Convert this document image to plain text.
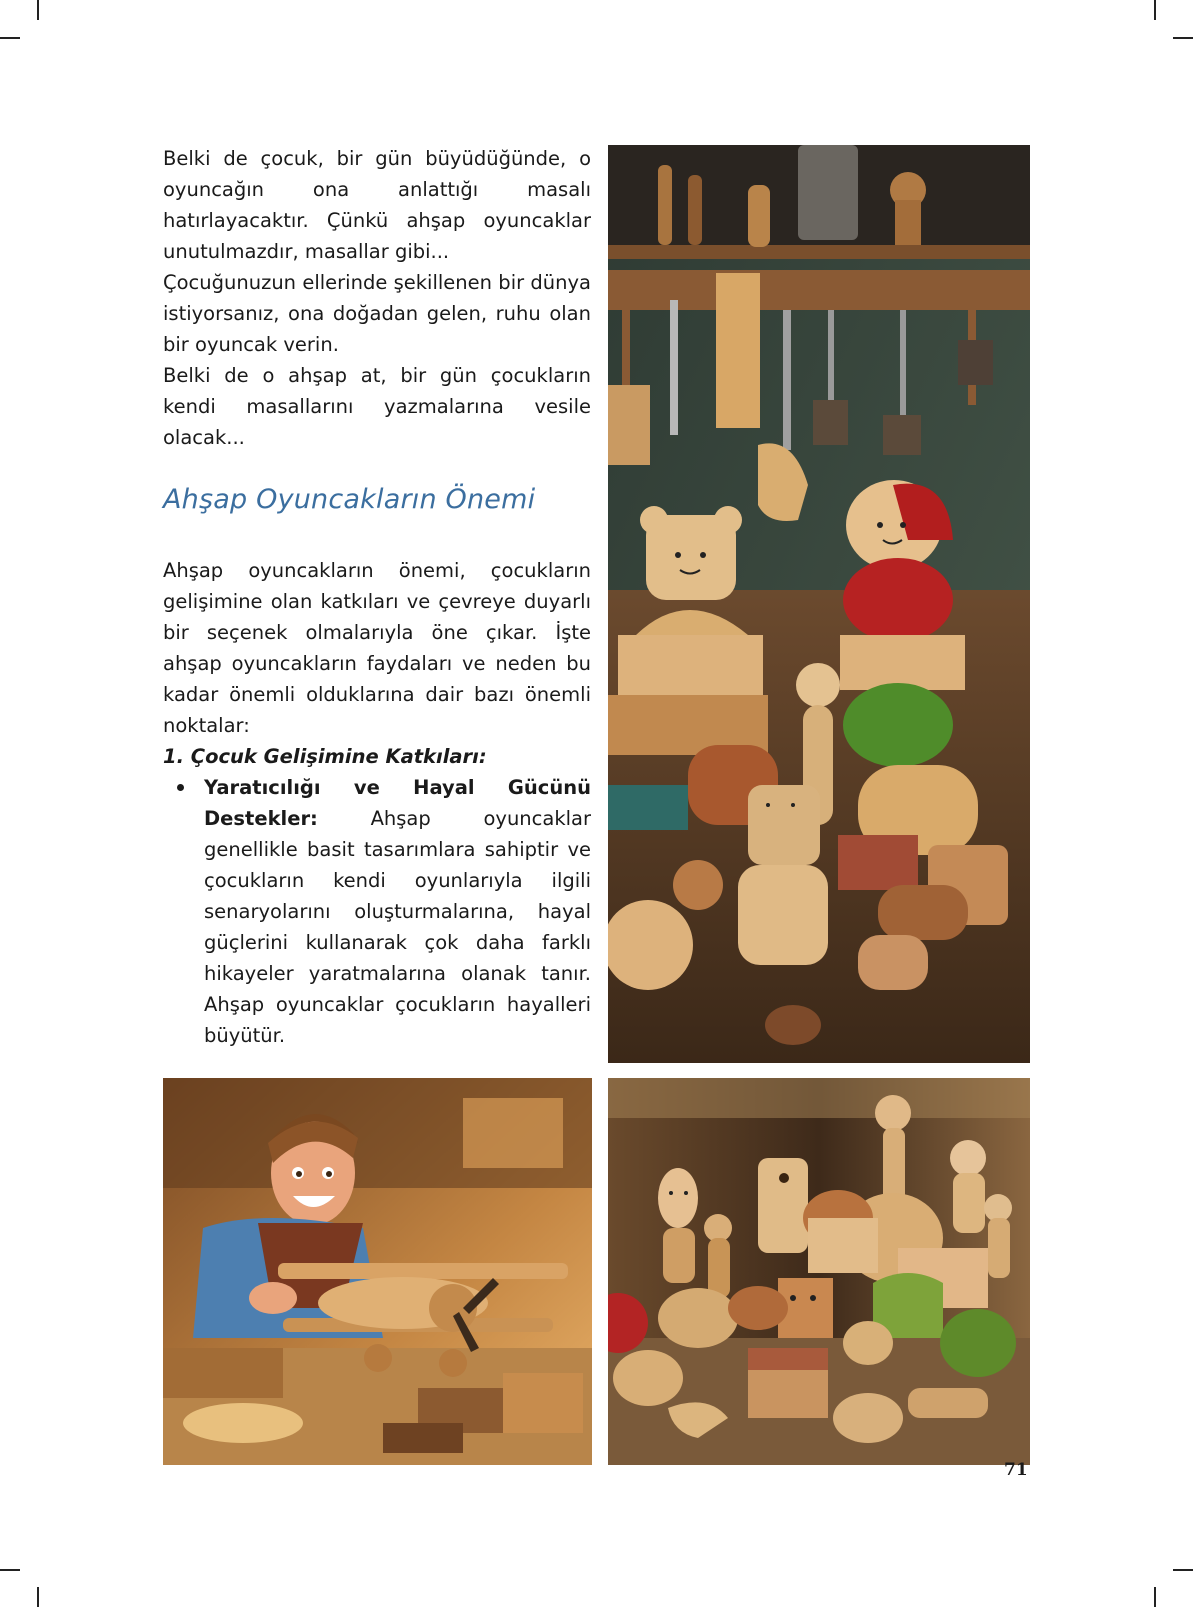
Belki de çocuk, bir gün büyüdüğünde, o oyuncağın ona anlattığı masalı hatırlayacaktır. Çünkü ahşap oyuncaklar unutulmazdır, masallar gibi...

Çocuğunuzun ellerinde şekillenen bir dünya istiyorsanız, ona doğadan gelen, ruhu olan bir oyuncak verin.

Belki de o ahşap at, bir gün çocukların kendi masallarını yazmalarına vesile olacak...

Ahşap Oyuncakların Önemi

Ahşap oyuncakların önemi, çocukların gelişimine olan katkıları ve çevreye duyarlı bir seçenek olmalarıyla öne çıkar. İşte ahşap oyuncakların faydaları ve neden bu kadar önemli olduklarına dair bazı önemli noktalar:

1. Çocuk Gelişimine Katkıları:

Yaratıcılığı ve Hayal Gücünü Destekler:	Ahşap oyuncaklar genellikle basit tasarımlara sahiptir ve çocukların kendi oyunlarıyla ilgili senaryolarını oluşturmalarına, hayal güçlerini kullanarak çok daha farklı hikayeler yaratmalarına olanak tanır. Ahşap oyuncaklar çocukların hayalleri büyütür.

71
